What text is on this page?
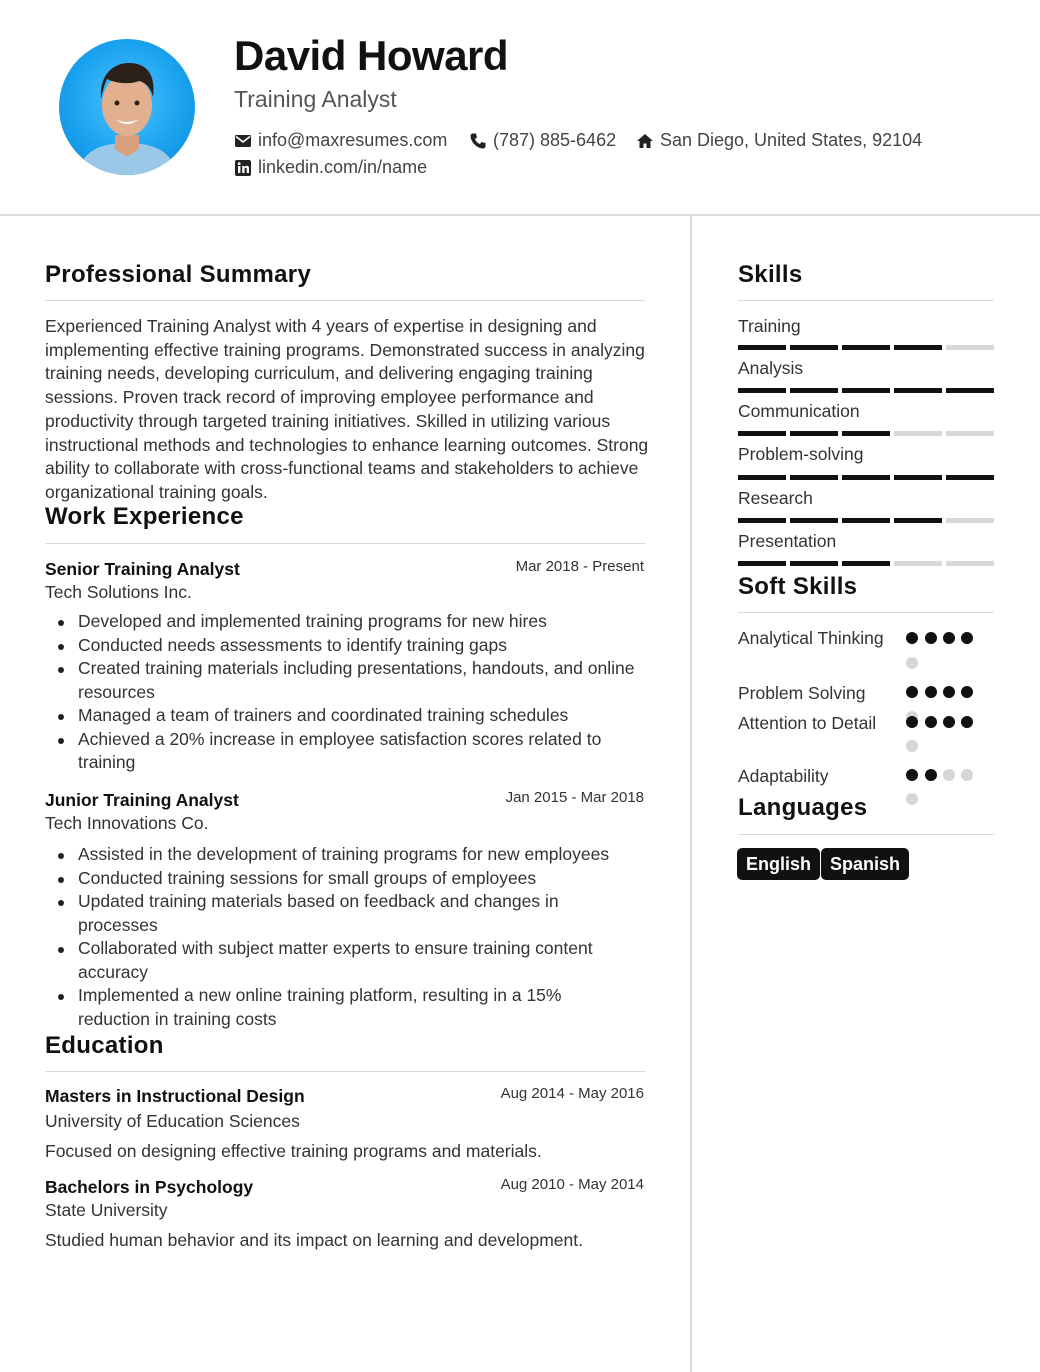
David Howard

Training Analyst

info@maxresumes.com	(787) 885-6462 San Diego, United States, 92104
linkedin.com/in/name
Professional Summary

Experienced Training Analyst with 4 years of expertise in designing and implementing effective training programs. Demonstrated success in analyzing training needs, developing curriculum, and delivering engaging training sessions. Proven track record of improving employee performance and productivity through targeted training initiatives. Skilled in utilizing various instructional methods and technologies to enhance learning outcomes. Strong ability to collaborate with cross-functional teams and stakeholders to achieve organizational training goals.

Work Experience

Senior Training Analyst	Mar 2018 - Present

Tech Solutions Inc.

Developed and implemented training programs for new hires
Conducted needs assessments to identify training gaps
Created training materials including presentations, handouts, and online resources
Managed a team of trainers and coordinated training schedules
Achieved a 20% increase in employee satisfaction scores related to training

Junior Training Analyst	Jan 2015 - Mar 2018

Tech Innovations Co.

Assisted in the development of training programs for new employees
Conducted training sessions for small groups of employees
Updated training materials based on feedback and changes in processes
Collaborated with subject matter experts to ensure training content accuracy
Implemented a new online training platform, resulting in a 15% reduction in training costs
Education

Masters in Instructional Design	Aug 2014 - May 2016

University of Education Sciences

Focused on designing effective training programs and materials.

Bachelors in Psychology	Aug 2010 - May 2014

State University

Studied human behavior and its impact on learning and development.

Skills

Training

Analysis

Communication

Problem-solving

Research

Presentation

Soft Skills

Analytical Thinking

Problem Solving

Attention to Detail

Adaptability

Languages
English	Spanish
